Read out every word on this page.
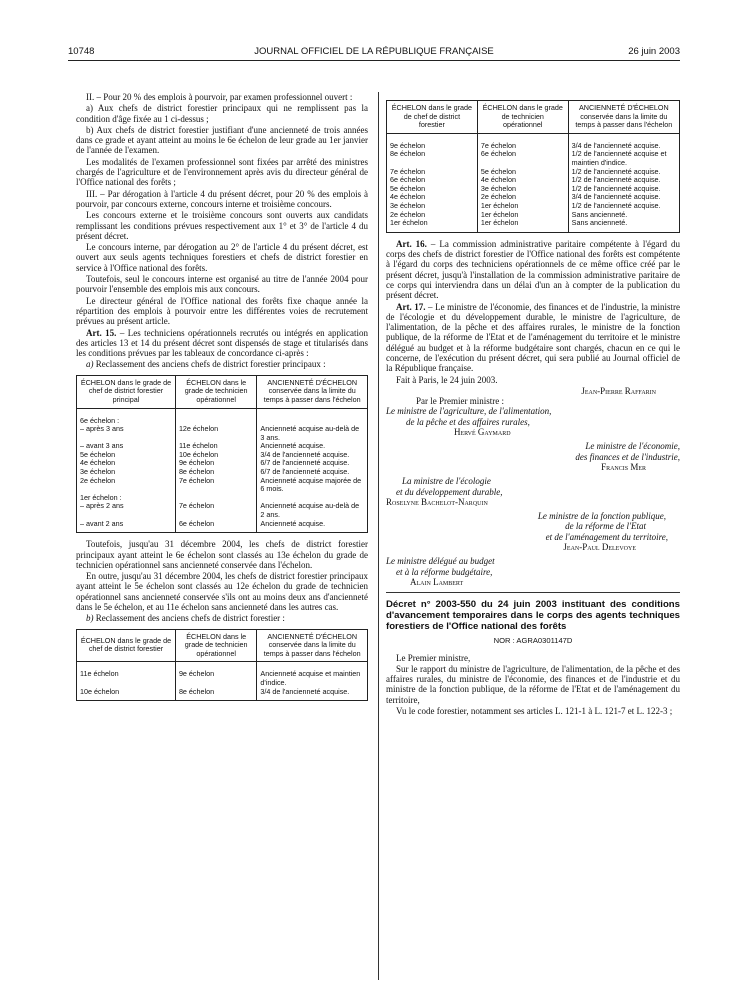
10748	JOURNAL OFFICIEL DE LA RÉPUBLIQUE FRANÇAISE	26 juin 2003

II. – Pour 20 % des emplois à pourvoir, par examen professionnel ouvert :

a) Aux chefs de district forestier principaux qui ne remplissent pas la condition d'âge fixée au 1 ci-dessus ;

b) Aux chefs de district forestier justifiant d'une ancienneté de trois années dans ce grade et ayant atteint au moins le 6e échelon de leur grade au 1er janvier de l'année de l'examen.

Les modalités de l'examen professionnel sont fixées par arrêté des ministres chargés de l'agriculture et de l'environnement après avis du directeur général de l'Office national des forêts ;

III. – Par dérogation à l'article 4 du présent décret, pour 20 % des emplois à pourvoir, par concours externe, concours interne et troisième concours.

Les concours externe et le troisième concours sont ouverts aux candidats remplissant les conditions prévues respectivement aux 1° et 3° de l'article 4 du présent décret.

Le concours interne, par dérogation au 2° de l'article 4 du présent décret, est ouvert aux seuls agents techniques forestiers et chefs de district forestier en service à l'Office national des forêts.

Toutefois, seul le concours interne est organisé au titre de l'année 2004 pour pourvoir l'ensemble des emplois mis aux concours.

Le directeur général de l'Office national des forêts fixe chaque année la répartition des emplois à pourvoir entre les différentes voies de recrutement prévues au présent article.

Art. 15. – Les techniciens opérationnels recrutés ou intégrés en application des articles 13 et 14 du présent décret sont dispensés de stage et titularisés dans les conditions prévues par les tableaux de concordance ci-après :

a) Reclassement des anciens chefs de district forestier principaux :

ÉCHELON dans le grade de chef de district forestier principal	ÉCHELON dans le grade de technicien opérationnel	ANCIENNETÉ D'ÉCHELON conservée dans la limite du temps à passer dans l'échelon
6e échelon :		
– après 3 ans	12e échelon	Ancienneté acquise au-delà de 3 ans.
– avant 3 ans	11e échelon	Ancienneté acquise.
5e échelon	10e échelon	3/4 de l'ancienneté acquise.
4e échelon	9e échelon	6/7 de l'ancienneté acquise.
3e échelon	8e échelon	6/7 de l'ancienneté acquise.
2e échelon	7e échelon	Ancienneté acquise majorée de 6 mois.
1er échelon :		
– après 2 ans	7e échelon	Ancienneté acquise au-delà de 2 ans.
– avant 2 ans	6e échelon	Ancienneté acquise.

Toutefois, jusqu'au 31 décembre 2004, les chefs de district forestier principaux ayant atteint le 6e échelon sont classés au 13e échelon du grade de technicien opérationnel sans ancienneté conservée dans l'échelon.

En outre, jusqu'au 31 décembre 2004, les chefs de district forestier principaux ayant atteint le 5e échelon sont classés au 12e échelon du grade de technicien opérationnel sans ancienneté conservée s'ils ont au moins deux ans d'ancienneté dans le 5e échelon, et au 11e échelon sans ancienneté dans les autres cas.

b) Reclassement des anciens chefs de district forestier :

ÉCHELON dans le grade de chef de district forestier	ÉCHELON dans le grade de technicien opérationnel	ANCIENNETÉ D'ÉCHELON conservée dans la limite du temps à passer dans l'échelon
11e échelon	9e échelon	Ancienneté acquise et maintien d'indice.
10e échelon	8e échelon	3/4 de l'ancienneté acquise.
ÉCHELON dans le grade de chef de district forestier	ÉCHELON dans le grade de technicien opérationnel	ANCIENNETÉ D'ÉCHELON conservée dans la limite du temps à passer dans l'échelon
9e échelon	7e échelon	3/4 de l'ancienneté acquise.
8e échelon	6e échelon	1/2 de l'ancienneté acquise et maintien d'indice.
7e échelon	5e échelon	1/2 de l'ancienneté acquise.
6e échelon	4e échelon	1/2 de l'ancienneté acquise.
5e échelon	3e échelon	1/2 de l'ancienneté acquise.
4e échelon	2e échelon	3/4 de l'ancienneté acquise.
3e échelon	1er échelon	1/2 de l'ancienneté acquise.
2e échelon	1er échelon	Sans ancienneté.
1er échelon	1er échelon	Sans ancienneté.

Art. 16. – La commission administrative paritaire compétente à l'égard du corps des chefs de district forestier de l'Office national des forêts est compétente à l'égard du corps des techniciens opérationnels de ce même office créé par le présent décret, jusqu'à l'installation de la commission administrative paritaire de ce corps qui interviendra dans un délai d'un an à compter de la publication du présent décret.

Art. 17. – Le ministre de l'économie, des finances et de l'industrie, la ministre de l'écologie et du développement durable, le ministre de l'agriculture, de l'alimentation, de la pêche et des affaires rurales, le ministre de la fonction publique, de la réforme de l'Etat et de l'aménagement du territoire et le ministre délégué au budget et à la réforme budgétaire sont chargés, chacun en ce qui le concerne, de l'exécution du présent décret, qui sera publié au Journal officiel de la République française.

Fait à Paris, le 24 juin 2003.

Jean-Pierre Raffarin

Par le Premier ministre :

Le ministre de l'agriculture, de l'alimentation,

de la pêche et des affaires rurales,

Hervé Gaymard

Le ministre de l'économie,

des finances et de l'industrie,

Francis Mer

La ministre de l'écologie

et du développement durable,

Roselyne Bachelot-Narquin

Le ministre de la fonction publique,

de la réforme de l'Etat

et de l'aménagement du territoire,

Jean-Paul Delevoye

Le ministre délégué au budget

et à la réforme budgétaire,

Alain Lambert

Décret n° 2003-550 du 24 juin 2003 instituant des conditions d'avancement temporaires dans le corps des agents techniques forestiers de l'Office national des forêts

NOR : AGRA0301147D

Le Premier ministre,

Sur le rapport du ministre de l'agriculture, de l'alimentation, de la pêche et des affaires rurales, du ministre de l'économie, des finances et de l'industrie et du ministre de la fonction publique, de la réforme de l'Etat et de l'aménagement du territoire,

Vu le code forestier, notamment ses articles L. 121-1 à L. 121-7 et L. 122-3 ;
